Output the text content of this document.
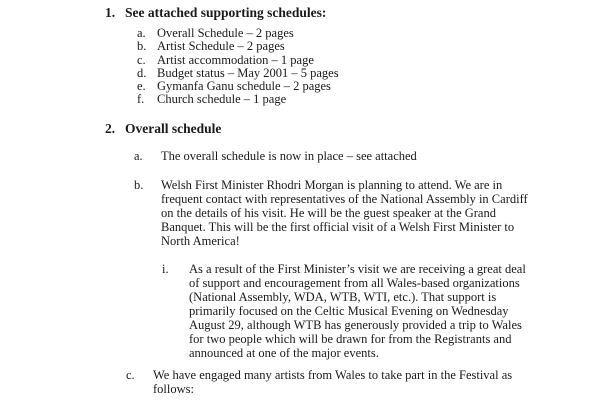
1. See attached supporting schedules:
a. Overall Schedule – 2 pages
b. Artist Schedule – 2 pages
c. Artist accommodation – 1 page
d. Budget status – May 2001 – 5 pages
e. Gymanfa Ganu schedule – 2 pages
f. Church schedule – 1 page
2. Overall schedule
a.	The overall schedule is now in place – see attached
b.	Welsh First Minister Rhodri Morgan is planning to attend. We are in
frequent contact with representatives of the National Assembly in Cardiff
on the details of his visit. He will be the guest speaker at the Grand
Banquet. This will be the first official visit of a Welsh First Minister to
North America!
i.	As a result of the First Minister’s visit we are receiving a great deal
of support and encouragement from all Wales-based organizations
(National Assembly, WDA, WTB, WTI, etc.). That support is
primarily focused on the Celtic Musical Evening on Wednesday
August 29, although WTB has generously provided a trip to Wales
for two people which will be drawn for from the Registrants and
announced at one of the major events.
c.	We have engaged many artists from Wales to take part in the Festival as
follows:
